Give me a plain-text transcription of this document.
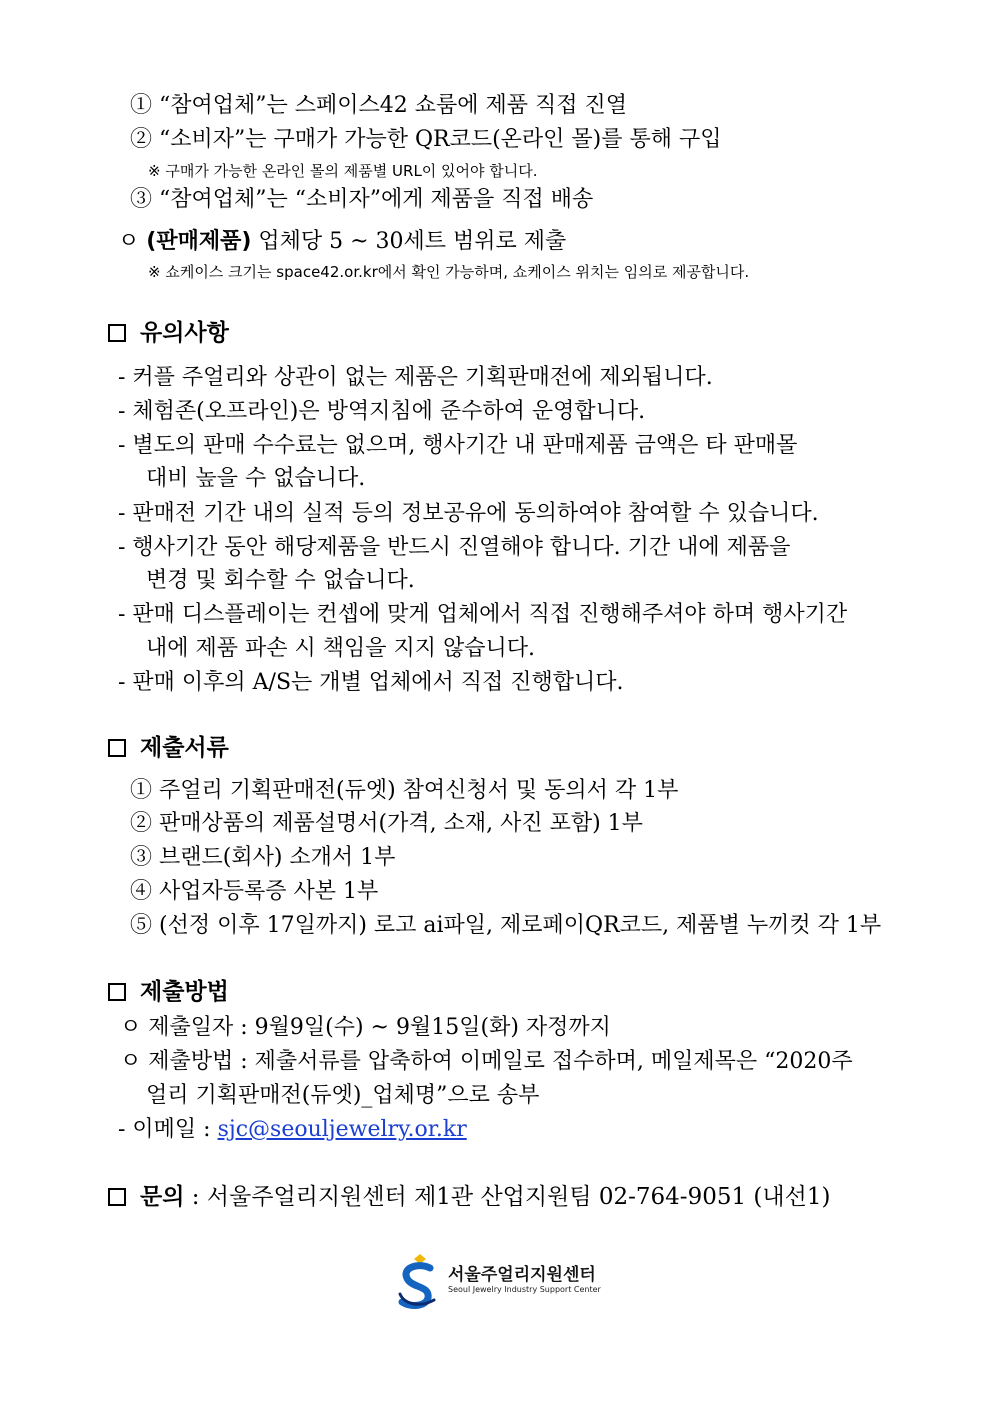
① “참여업체”는 스페이스42 쇼룸에 제품 직접 진열
② “소비자”는 구매가 가능한 QR코드(온라인 몰)를 통해 구입
※ 구매가 가능한 온라인 몰의 제품별 URL이 있어야 합니다.
③ “참여업체”는 “소비자”에게 제품을 직접 배송
ㅇ (판매제품) 업체당 5 ~ 30세트 범위로 제출
※ 쇼케이스 크기는 space42.or.kr에서 확인 가능하며, 쇼케이스 위치는 임의로 제공합니다.
유의사항
- 커플 주얼리와 상관이 없는 제품은 기획판매전에 제외됩니다.
- 체험존(오프라인)은 방역지침에 준수하여 운영합니다.
- 별도의 판매 수수료는 없으며, 행사기간 내 판매제품 금액은 타 판매몰
대비 높을 수 없습니다.
- 판매전 기간 내의 실적 등의 정보공유에 동의하여야 참여할 수 있습니다.
- 행사기간 동안 해당제품을 반드시 진열해야 합니다. 기간 내에 제품을
변경 및 회수할 수 없습니다.
- 판매 디스플레이는 컨셉에 맞게 업체에서 직접 진행해주셔야 하며 행사기간
내에 제품 파손 시 책임을 지지 않습니다.
- 판매 이후의 A/S는 개별 업체에서 직접 진행합니다.
제출서류
① 주얼리 기획판매전(듀엣) 참여신청서 및 동의서 각 1부
② 판매상품의 제품설명서(가격, 소재, 사진 포함) 1부
③ 브랜드(회사) 소개서 1부
④ 사업자등록증 사본 1부
⑤ (선정 이후 17일까지) 로고 ai파일, 제로페이QR코드, 제품별 누끼컷 각 1부
제출방법
ㅇ 제출일자 : 9월9일(수) ~ 9월15일(화) 자정까지
ㅇ 제출방법 : 제출서류를 압축하여 이메일로 접수하며, 메일제목은 “2020주
얼리 기획판매전(듀엣)_업체명”으로 송부
- 이메일 : sjc@seouljewelry.or.kr
문의 : 서울주얼리지원센터 제1관 산업지원팀 02-764-9051 (내선1)
서울주얼리지원센터
Seoul Jewelry Industry Support Center
